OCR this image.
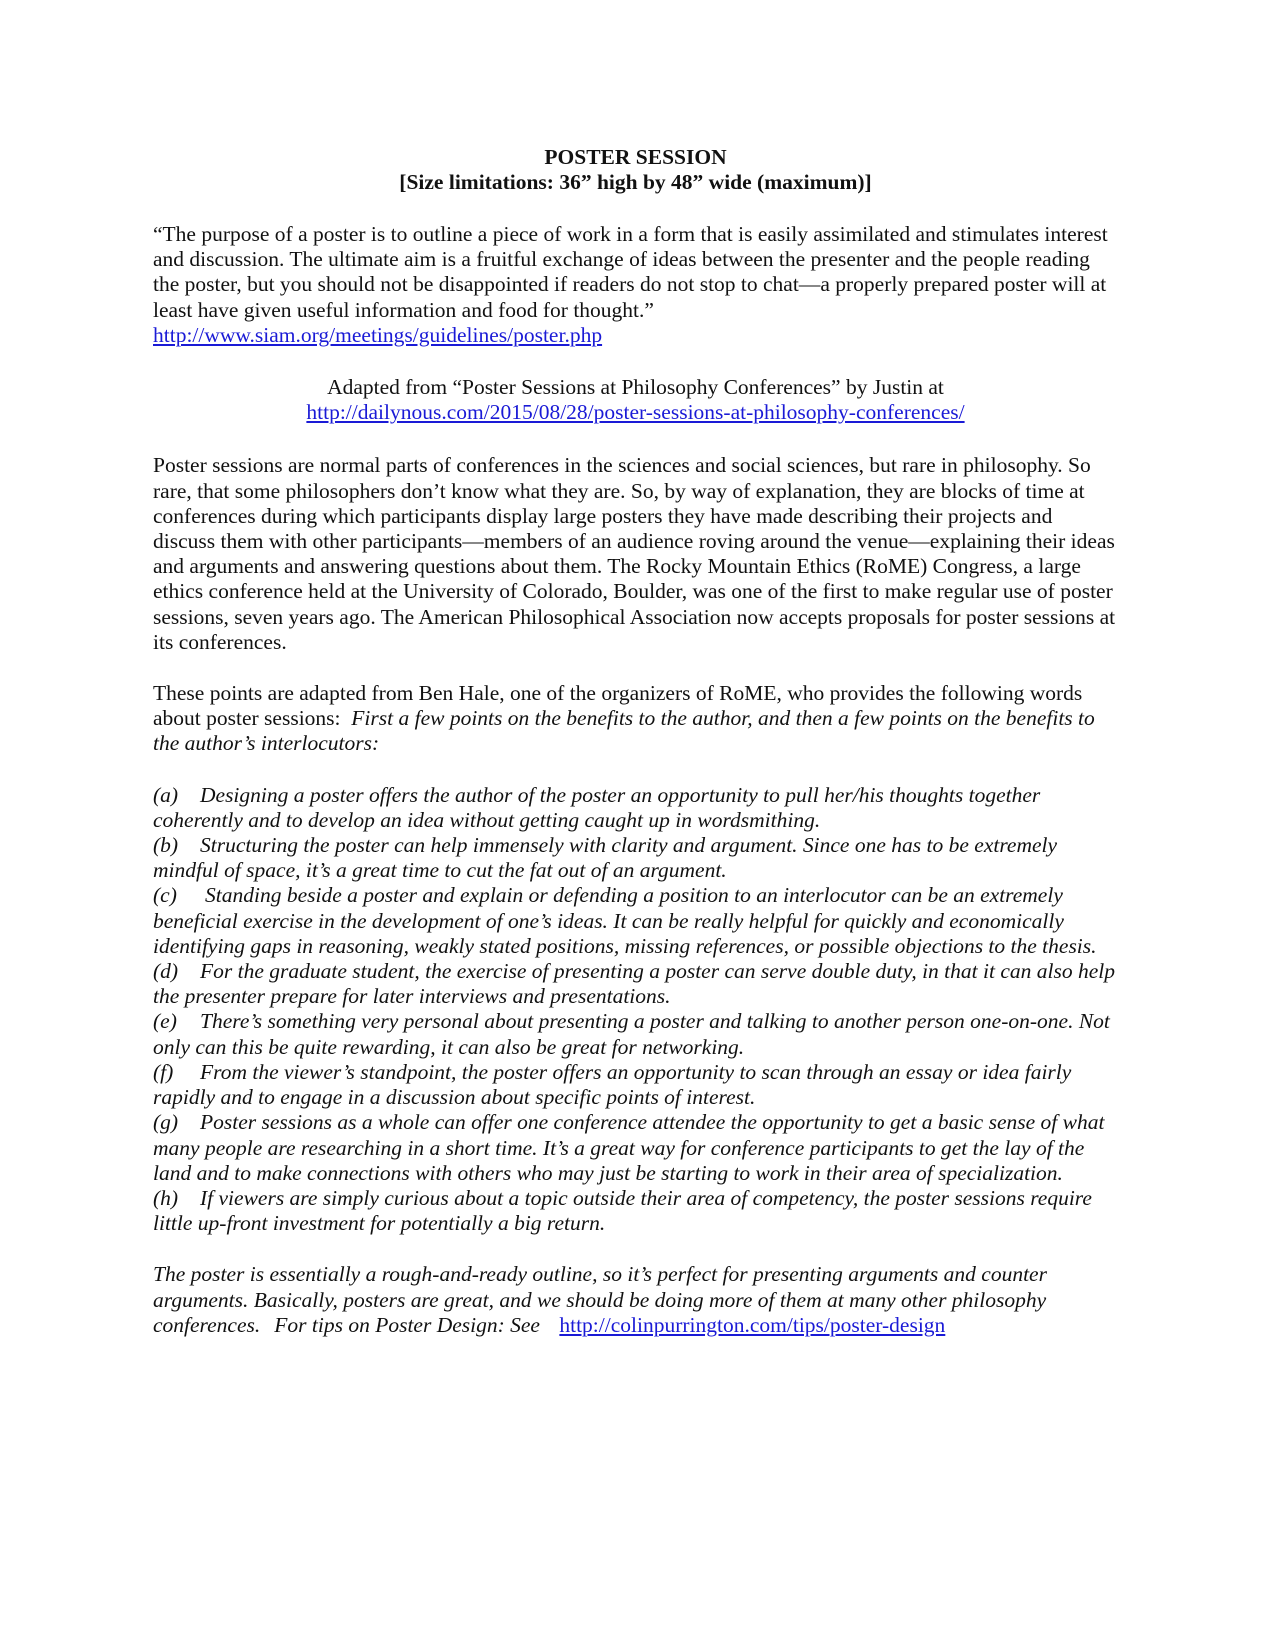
POSTER SESSION
[Size limitations: 36” high by 48” wide (maximum)]

“The purpose of a poster is to outline a piece of work in a form that is easily assimilated and stimulates interest and discussion. The ultimate aim is a fruitful exchange of ideas between the presenter and the people reading the poster, but you should not be disappointed if readers do not stop to chat—a properly prepared poster will at least have given useful information and food for thought.”
http://www.siam.org/meetings/guidelines/poster.php

Adapted from “Poster Sessions at Philosophy Conferences” by Justin at
http://dailynous.com/2015/08/28/poster-sessions-at-philosophy-conferences/

Poster sessions are normal parts of conferences in the sciences and social sciences, but rare in philosophy. So rare, that some philosophers don’t know what they are. So, by way of explanation, they are blocks of time at conferences during which participants display large posters they have made describing their projects and discuss them with other participants—members of an audience roving around the venue—explaining their ideas and arguments and answering questions about them. The Rocky Mountain Ethics (RoME) Congress, a large ethics conference held at the University of Colorado, Boulder, was one of the first to make regular use of poster sessions, seven years ago. The American Philosophical Association now accepts proposals for poster sessions at its conferences.

These points are adapted from Ben Hale, one of the organizers of RoME, who provides the following words about poster sessions: First a few points on the benefits to the author, and then a few points on the benefits to the author’s interlocutors:

(a) Designing a poster offers the author of the poster an opportunity to pull her/his thoughts together coherently and to develop an idea without getting caught up in wordsmithing.
(b) Structuring the poster can help immensely with clarity and argument. Since one has to be extremely mindful of space, it’s a great time to cut the fat out of an argument.
(c) Standing beside a poster and explain or defending a position to an interlocutor can be an extremely beneficial exercise in the development of one’s ideas. It can be really helpful for quickly and economically identifying gaps in reasoning, weakly stated positions, missing references, or possible objections to the thesis.
(d) For the graduate student, the exercise of presenting a poster can serve double duty, in that it can also help the presenter prepare for later interviews and presentations.
(e) There’s something very personal about presenting a poster and talking to another person one-on-one. Not only can this be quite rewarding, it can also be great for networking.
(f) From the viewer’s standpoint, the poster offers an opportunity to scan through an essay or idea fairly rapidly and to engage in a discussion about specific points of interest.
(g) Poster sessions as a whole can offer one conference attendee the opportunity to get a basic sense of what many people are researching in a short time. It’s a great way for conference participants to get the lay of the land and to make connections with others who may just be starting to work in their area of specialization.
(h) If viewers are simply curious about a topic outside their area of competency, the poster sessions require little up-front investment for potentially a big return.

The poster is essentially a rough-and-ready outline, so it’s perfect for presenting arguments and counter arguments. Basically, posters are great, and we should be doing more of them at many other philosophy conferences. For tips on Poster Design: See http://colinpurrington.com/tips/poster-design
